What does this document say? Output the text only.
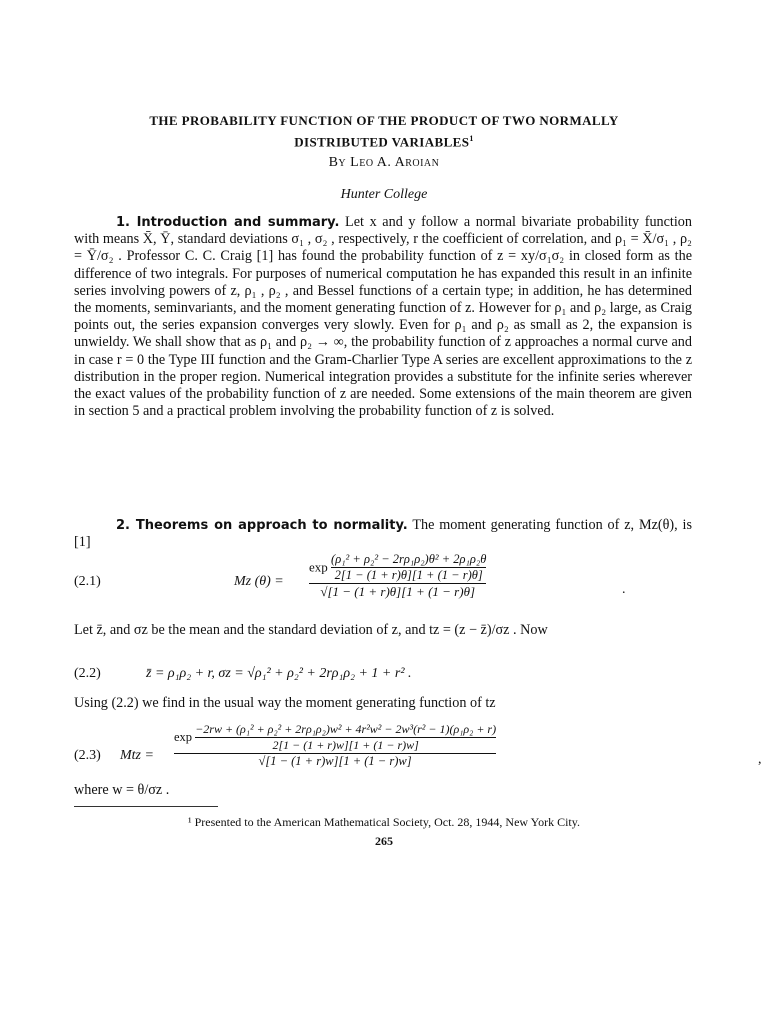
THE PROBABILITY FUNCTION OF THE PRODUCT OF TWO NORMALLY
DISTRIBUTED VARIABLES$^1$
By Leo A. Aroian
Hunter College

1. Introduction and summary. Let x and y follow a normal bivariate probability function with means X̄, Ȳ, standard deviations σ₁ , σ₂ , respectively, r the coefficient of correlation, and ρ₁ = X̄/σ₁ , ρ₂ = Ȳ/σ₂ . Professor C. C. Craig [1] has found the probability function of z = xy/σ₁σ₂ in closed form as the difference of two integrals. For purposes of numerical computation he has expanded this result in an infinite series involving powers of z, ρ₁ , ρ₂ , and Bessel functions of a certain type; in addition, he has determined the moments, seminvariants, and the moment generating function of z. However for ρ₁ and ρ₂ large, as Craig points out, the series expansion converges very slowly. Even for ρ₁ and ρ₂ as small as 2, the expansion is unwieldy. We shall show that as ρ₁ and ρ₂ → ∞, the probability function of z approaches a normal curve and in case r = 0 the Type III function and the Gram-Charlier Type A series are excellent approximations to the z distribution in the proper region. Numerical integration provides a substitute for the infinite series wherever the exact values of the probability function of z are needed. Some extensions of the main theorem are given in section 5 and a practical problem involving the probability function of z is solved.

2. Theorems on approach to normality. The moment generating function of z, Mz(θ), is [1]

(2.1)	Mz (θ) =
$\exp \frac{\text{(ρ₁² + ρ₂² − 2rρ₁ρ₂)θ² + 2ρ₁ρ₂θ}}{2[1 - (1 + r)\theta][1 + (1 - r)\theta]}$
√[1 − (1 + r)θ][1 + (1 − r)θ]	.

Let z̄, and σz be the mean and the standard deviation of z, and tz = (z − z̄)/σz . Now

(2.2)	z̄ = ρ₁ρ₂ + r, σz = √ρ₁² + ρ₂² + 2rρ₁ρ₂ + 1 + r² .

Using (2.2) we find in the usual way the moment generating function of tz

(2.3) Mtz =
exp
−2rw + (ρ₁² + ρ₂² + 2rρ₁ρ₂)w² + 4r²w² − 2w³(r² − 1)(ρ₁ρ₂ + r)
2[1 − (1 + r)w][1 + (1 − r)w]
√[1 − (1 + r)w][1 + (1 − r)w]	,

where w = θ/σz .

¹ Presented to the American Mathematical Society, Oct. 28, 1944, New York City.
265
